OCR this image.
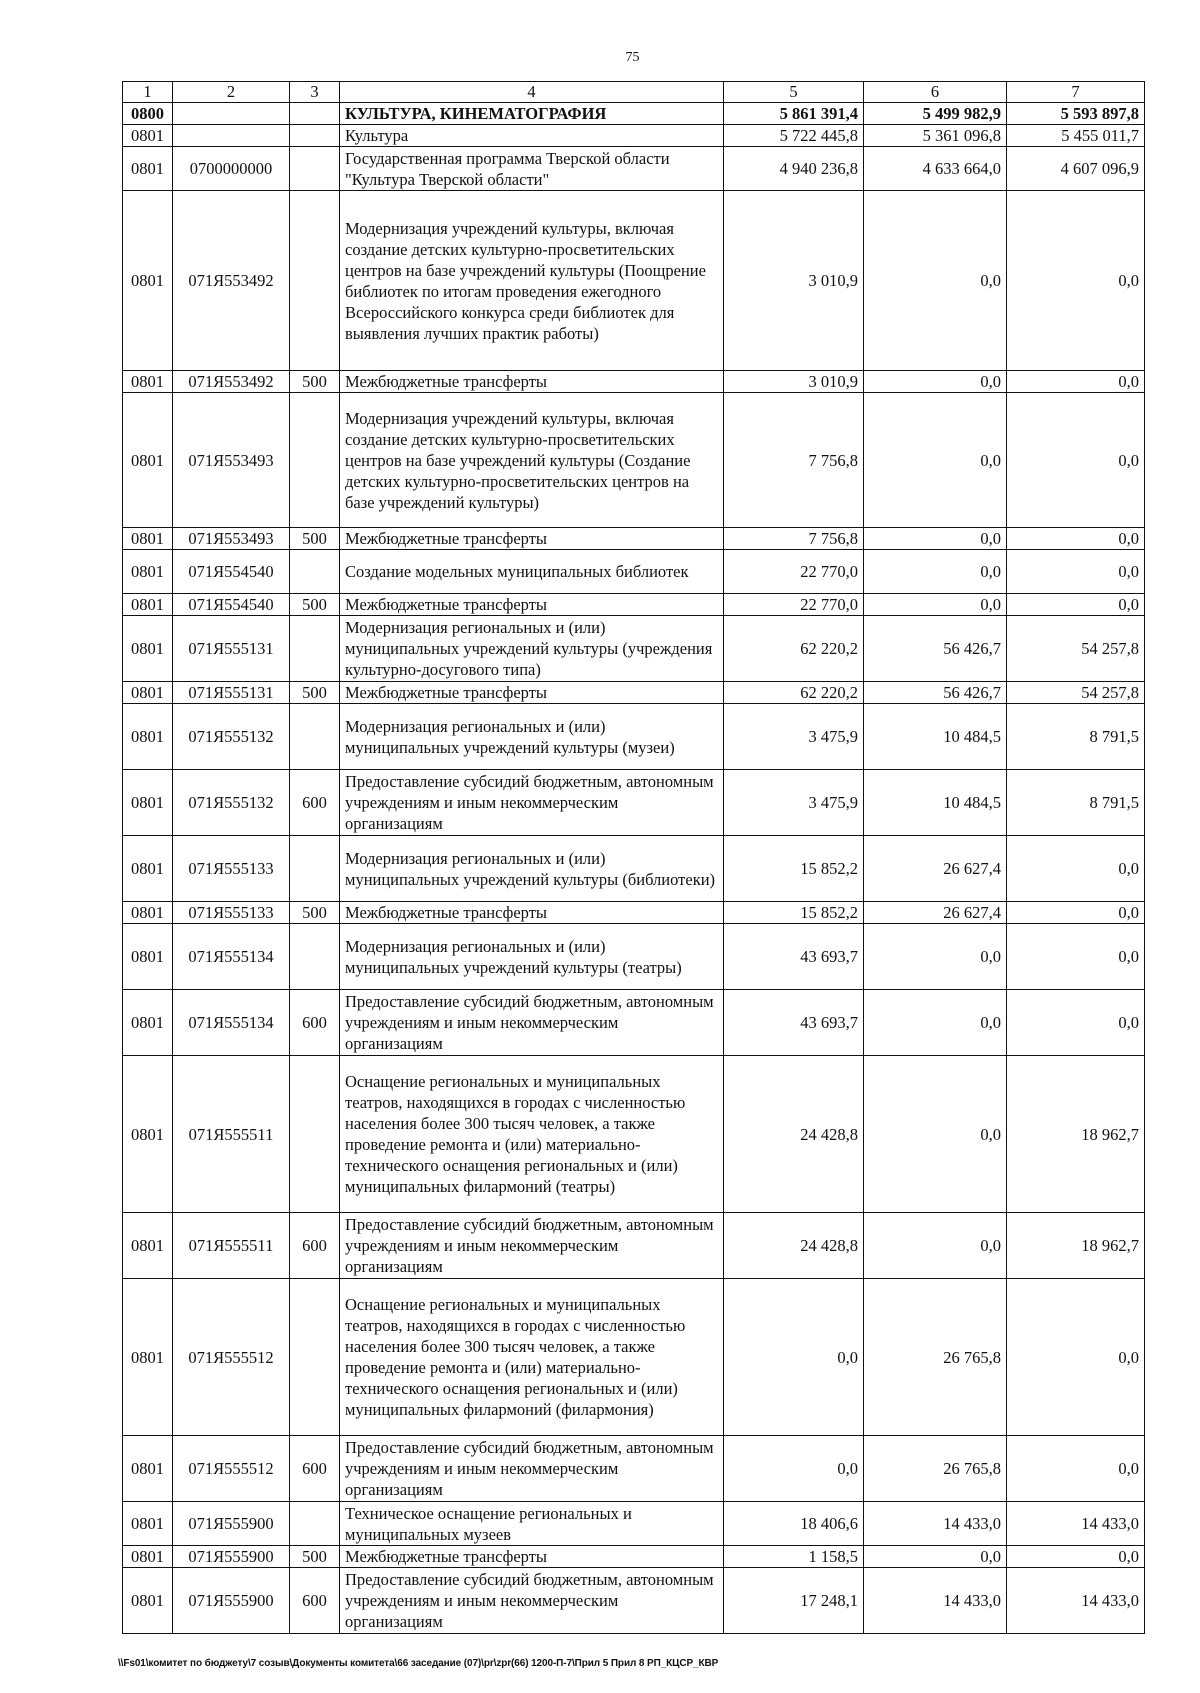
75
1	2	3	4	5	6	7
0800			КУЛЬТУРА, КИНЕМАТОГРАФИЯ	5 861 391,4	5 499 982,9	5 593 897,8
0801			Культура	5 722 445,8	5 361 096,8	5 455 011,7
0801	0700000000		Государственная программа Тверской области "Культура Тверской области"	4 940 236,8	4 633 664,0	4 607 096,9
0801	071Я553492		Модернизация учреждений культуры, включая создание детских культурно-просветительских центров на базе учреждений культуры (Поощрение библиотек по итогам проведения ежегодного Всероссийского конкурса среди библиотек для выявления лучших практик работы)	3 010,9	0,0	0,0
0801	071Я553492	500	Межбюджетные трансферты	3 010,9	0,0	0,0
0801	071Я553493		Модернизация учреждений культуры, включая создание детских культурно-просветительских центров на базе учреждений культуры (Создание детских культурно-просветительских центров на базе учреждений культуры)	7 756,8	0,0	0,0
0801	071Я553493	500	Межбюджетные трансферты	7 756,8	0,0	0,0
0801	071Я554540		Создание модельных муниципальных библиотек	22 770,0	0,0	0,0
0801	071Я554540	500	Межбюджетные трансферты	22 770,0	0,0	0,0
0801	071Я555131		Модернизация региональных и (или) муниципальных учреждений культуры (учреждения культурно-досугового типа)	62 220,2	56 426,7	54 257,8
0801	071Я555131	500	Межбюджетные трансферты	62 220,2	56 426,7	54 257,8
0801	071Я555132		Модернизация региональных и (или) муниципальных учреждений культуры (музеи)	3 475,9	10 484,5	8 791,5
0801	071Я555132	600	Предоставление субсидий бюджетным, автономным учреждениям и иным некоммерческим организациям	3 475,9	10 484,5	8 791,5
0801	071Я555133		Модернизация региональных и (или) муниципальных учреждений культуры (библиотеки)	15 852,2	26 627,4	0,0
0801	071Я555133	500	Межбюджетные трансферты	15 852,2	26 627,4	0,0
0801	071Я555134		Модернизация региональных и (или) муниципальных учреждений культуры (театры)	43 693,7	0,0	0,0
0801	071Я555134	600	Предоставление субсидий бюджетным, автономным учреждениям и иным некоммерческим организациям	43 693,7	0,0	0,0
0801	071Я555511		Оснащение региональных и муниципальных театров, находящихся в городах с численностью населения более 300 тысяч человек, а также проведение ремонта и (или) материально-технического оснащения региональных и (или) муниципальных филармоний (театры)	24 428,8	0,0	18 962,7
0801	071Я555511	600	Предоставление субсидий бюджетным, автономным учреждениям и иным некоммерческим организациям	24 428,8	0,0	18 962,7
0801	071Я555512		Оснащение региональных и муниципальных театров, находящихся в городах с численностью населения более 300 тысяч человек, а также проведение ремонта и (или) материально-технического оснащения региональных и (или) муниципальных филармоний (филармония)	0,0	26 765,8	0,0
0801	071Я555512	600	Предоставление субсидий бюджетным, автономным учреждениям и иным некоммерческим организациям	0,0	26 765,8	0,0
0801	071Я555900		Техническое оснащение региональных и муниципальных музеев	18 406,6	14 433,0	14 433,0
0801	071Я555900	500	Межбюджетные трансферты	1 158,5	0,0	0,0
0801	071Я555900	600	Предоставление субсидий бюджетным, автономным учреждениям и иным некоммерческим организациям	17 248,1	14 433,0	14 433,0
\\Fs01\комитет по бюджету\7 созыв\Документы комитета\66 заседание (07)\pr\zpr(66) 1200-П-7\Прил 5 Прил 8 РП_КЦСР_КВР
